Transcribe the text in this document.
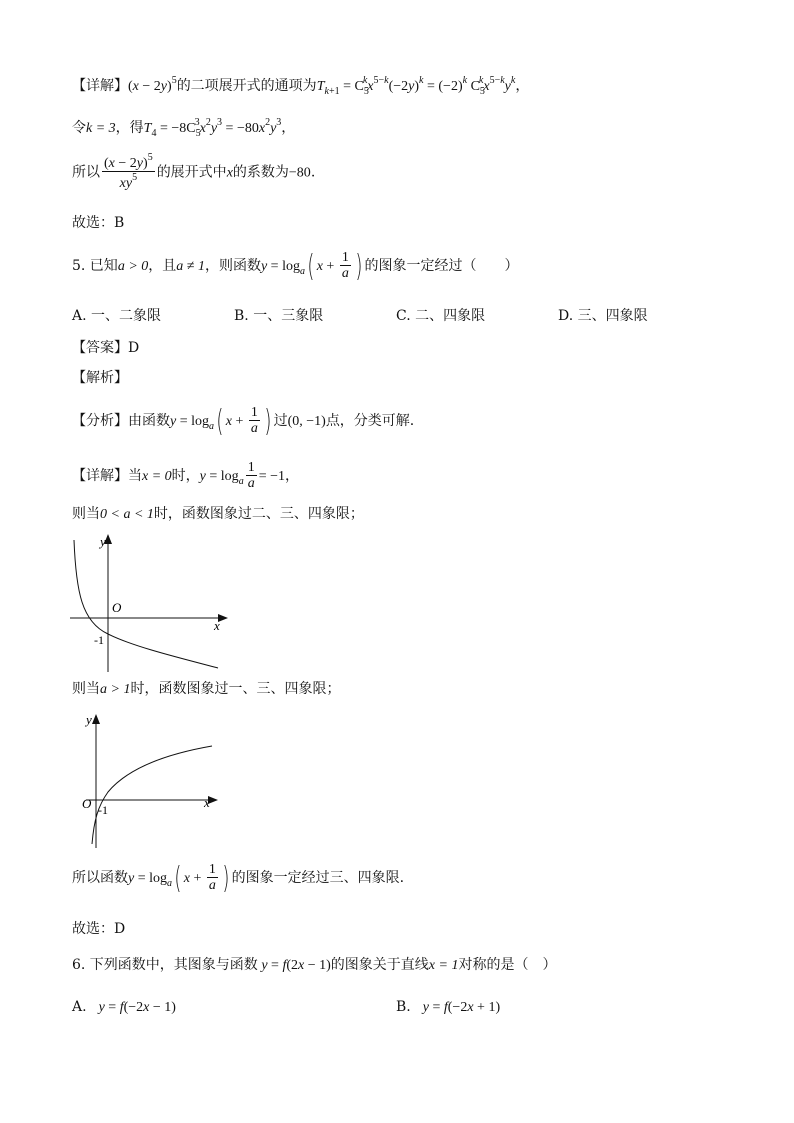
【详解】$(x - 2y)^5$的二项展开式的通项为$T_{k+1} = C_5^kx^{5-k}(-2y)^k = (-2)^k$ $C_5^kx^{5-k}y^k$，
令k = 3，得$T_4 = -8C_5^3x^2y^3 = -80x^2y^3$，
所以 $\frac{(x - 2y)^5}{xy^5}$ 的展开式中x的系数为−80.
故选：B
5. 已知a > 0，且a ≠ 1，则函数$y = \log_a$( $x + \frac{1}{a}$ ) 的图象一定经过（　　）
A. 一、二象限	B. 一、三象限	C. 二、四象限	D. 三、四象限
【答案】D
【解析】
【分析】由函数$y = \log_a$( $x + \frac{1}{a}$ ) 过(0, −1)点，分类可解.
【详解】当x = 0时，$y = \log_a \frac{1}{a} = -1$，
则当0 < a < 1时，函数图象过二、三、四象限；
y
x
O
-1
则当a > 1时，函数图象过一、三、四象限；
y
x
O -1
所以函数$y = \log_a$( $x + \frac{1}{a}$ ) 的图象一定经过三、四象限.
故选：D
6. 下列函数中，其图象与函数 y = f(2x − 1)的图象关于直线x = 1对称的是（　）
A. y = f(−2x − 1)	B. y = f(−2x + 1)
